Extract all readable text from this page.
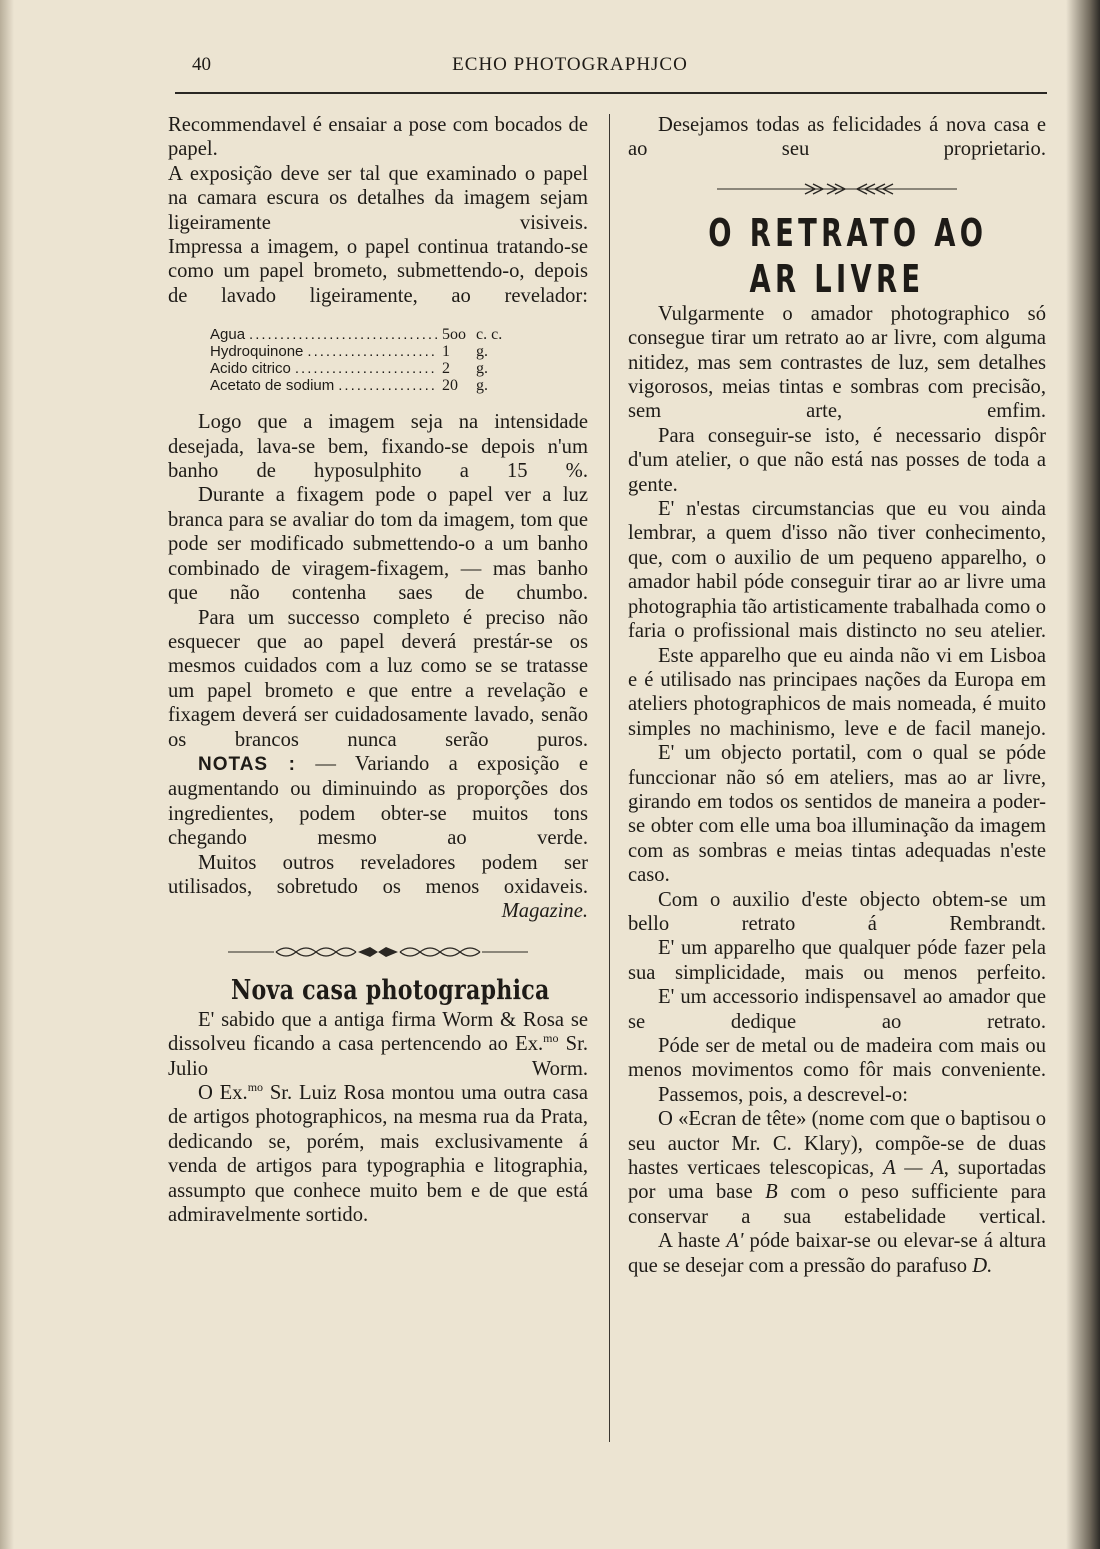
40	ECHO PHOTOGRAPHJCO

Recommendavel é ensaiar a pose com bocados de papel.

A exposição deve ser tal que examinado o papel na camara escura os detalhes da imagem sejam ligeiramente visiveis.

Impressa a imagem, o papel continua tratando-se como um papel brometo, submettendo-o, depois de lavado ligeiramente, ao revelador:

Agua .....	5oo c. c.
Hydroquinone .....	1	g.
Acido citrico .....	2	g.
Acetato de sodium .....	20	g.

Logo que a imagem seja na intensidade desejada, lava-se bem, fixando-se depois n'um banho de hyposulphito a 15 %.

Durante a fixagem pode o papel ver a luz branca para se avaliar do tom da imagem, tom que pode ser modificado submettendo-o a um banho combinado de viragem-fixagem, — mas banho que não contenha saes de chumbo.

Para um successo completo é preciso não esquecer que ao papel deverá prestár-se os mesmos cuidados com a luz como se se tratasse um papel brometo e que entre a revelação e fixagem deverá ser cuidadosamente lavado, senão os brancos nunca serão puros.

NOTAS : — Variando a exposição e augmentando ou diminuindo as proporções dos ingredientes, podem obter-se muitos tons chegando mesmo ao verde.

Muitos outros reveladores podem ser utilisados, sobretudo os menos oxidaveis.

Magazine.

Nova casa photographica

E' sabido que a antiga firma Worm & Rosa se dissolveu ficando a casa pertencendo ao Ex.$^{mo}$ Sr. Julio Worm.

O Ex.$^{mo}$ Sr. Luiz Rosa montou uma outra casa de artigos photographicos, na mesma rua da Prata, dedicando se, porém, mais exclusivamente á venda de artigos para typographia e litographia, assumpto que conhece muito bem e de que está admiravelmente sortido.

Desejamos todas as felicidades á nova casa e ao seu proprietario.

O RETRATO AO AR LIVRE

Vulgarmente o amador photographico só consegue tirar um retrato ao ar livre, com alguma nitidez, mas sem contrastes de luz, sem detalhes vigorosos, meias tintas e sombras com precisão, sem arte, emfim.

Para conseguir-se isto, é necessario dispôr d'um atelier, o que não está nas posses de toda a gente.

E' n'estas circumstancias que eu vou ainda lembrar, a quem d'isso não tiver conhecimento, que, com o auxilio de um pequeno apparelho, o amador habil póde conseguir tirar ao ar livre uma photographia tão artisticamente trabalhada como o faria o profissional mais distincto no seu atelier.

Este apparelho que eu ainda não vi em Lisboa e é utilisado nas principaes nações da Europa em ateliers photographicos de mais nomeada, é muito simples no machinismo, leve e de facil manejo.

E' um objecto portatil, com o qual se póde funccionar não só em ateliers, mas ao ar livre, girando em todos os sentidos de maneira a poder-se obter com elle uma boa illuminação da imagem com as sombras e meias tintas adequadas n'este caso.

Com o auxilio d'este objecto obtem-se um bello retrato á Rembrandt.

E' um apparelho que qualquer póde fazer pela sua simplicidade, mais ou menos perfeito.

E' um accessorio indispensavel ao amador que se dedique ao retrato.

Póde ser de metal ou de madeira com mais ou menos movimentos como fôr mais conveniente.

Passemos, pois, a descrevel-o:

O «Ecran de tête» (nome com que o baptisou o seu auctor Mr. C. Klary), compõe-se de duas hastes verticaes telescopicas, A — A, suportadas por uma base B com o peso sufficiente para conservar a sua estabelidade vertical.

A haste A' póde baixar-se ou elevar-se á altura que se desejar com a pressão do parafuso D.
